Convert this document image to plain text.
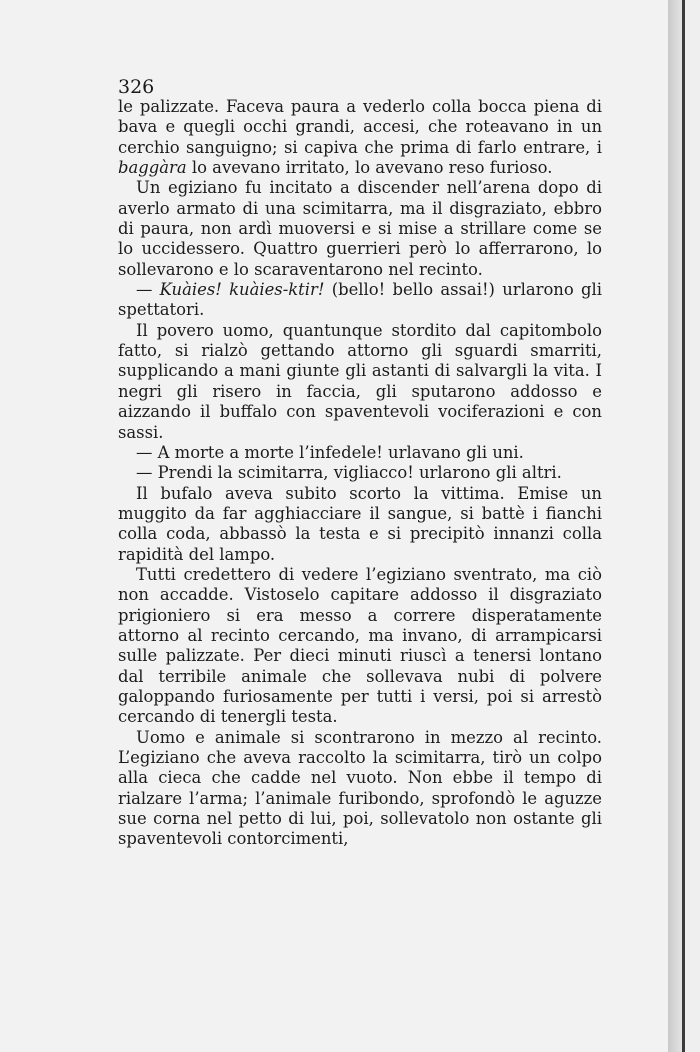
326

le palizzate. Faceva paura a vederlo colla bocca piena di bava e quegli occhi grandi, accesi, che roteavano in un cerchio sanguigno; si capiva che prima di farlo entrare, i baggàra lo avevano irritato, lo avevano reso furioso.

Un egiziano fu incitato a discender nell’arena dopo di averlo armato di una scimitarra, ma il disgraziato, ebbro di paura, non ardì muoversi e si mise a strillare come se lo uccidessero. Quattro guerrieri però lo afferrarono, lo sollevarono e lo scaraventarono nel recinto.

— Kuàies! kuàies-ktir! (bello! bello assai!) urlarono gli spettatori.

Il povero uomo, quantunque stordito dal capitombolo fatto, si rialzò gettando attorno gli sguardi smarriti, supplicando a mani giunte gli astanti di salvargli la vita. I negri gli risero in faccia, gli sputarono addosso e aizzando il buffalo con spaventevoli vociferazioni e con sassi.

— A morte a morte l’infedele! urlavano gli uni.

— Prendi la scimitarra, vigliacco! urlarono gli altri.

Il bufalo aveva subito scorto la vittima. Emise un muggito da far agghiacciare il sangue, si battè i fianchi colla coda, abbassò la testa e si precipitò innanzi colla rapidità del lampo.

Tutti credettero di vedere l’egiziano sventrato, ma ciò non accadde. Vistoselo capitare addosso il disgraziato prigioniero si era messo a correre disperatamente attorno al recinto cercando, ma invano, di arrampicarsi sulle palizzate. Per dieci minuti riuscì a tenersi lontano dal terribile animale che sollevava nubi di polvere galoppando furiosamente per tutti i versi, poi si arrestò cercando di tenergli testa.

Uomo e animale si scontrarono in mezzo al recinto. L’egiziano che aveva raccolto la scimitarra, tirò un colpo alla cieca che cadde nel vuoto. Non ebbe il tempo di rialzare l’arma; l’animale furibondo, sprofondò le aguzze sue corna nel petto di lui, poi, sollevatolo non ostante gli spaventevoli contorcimenti,
